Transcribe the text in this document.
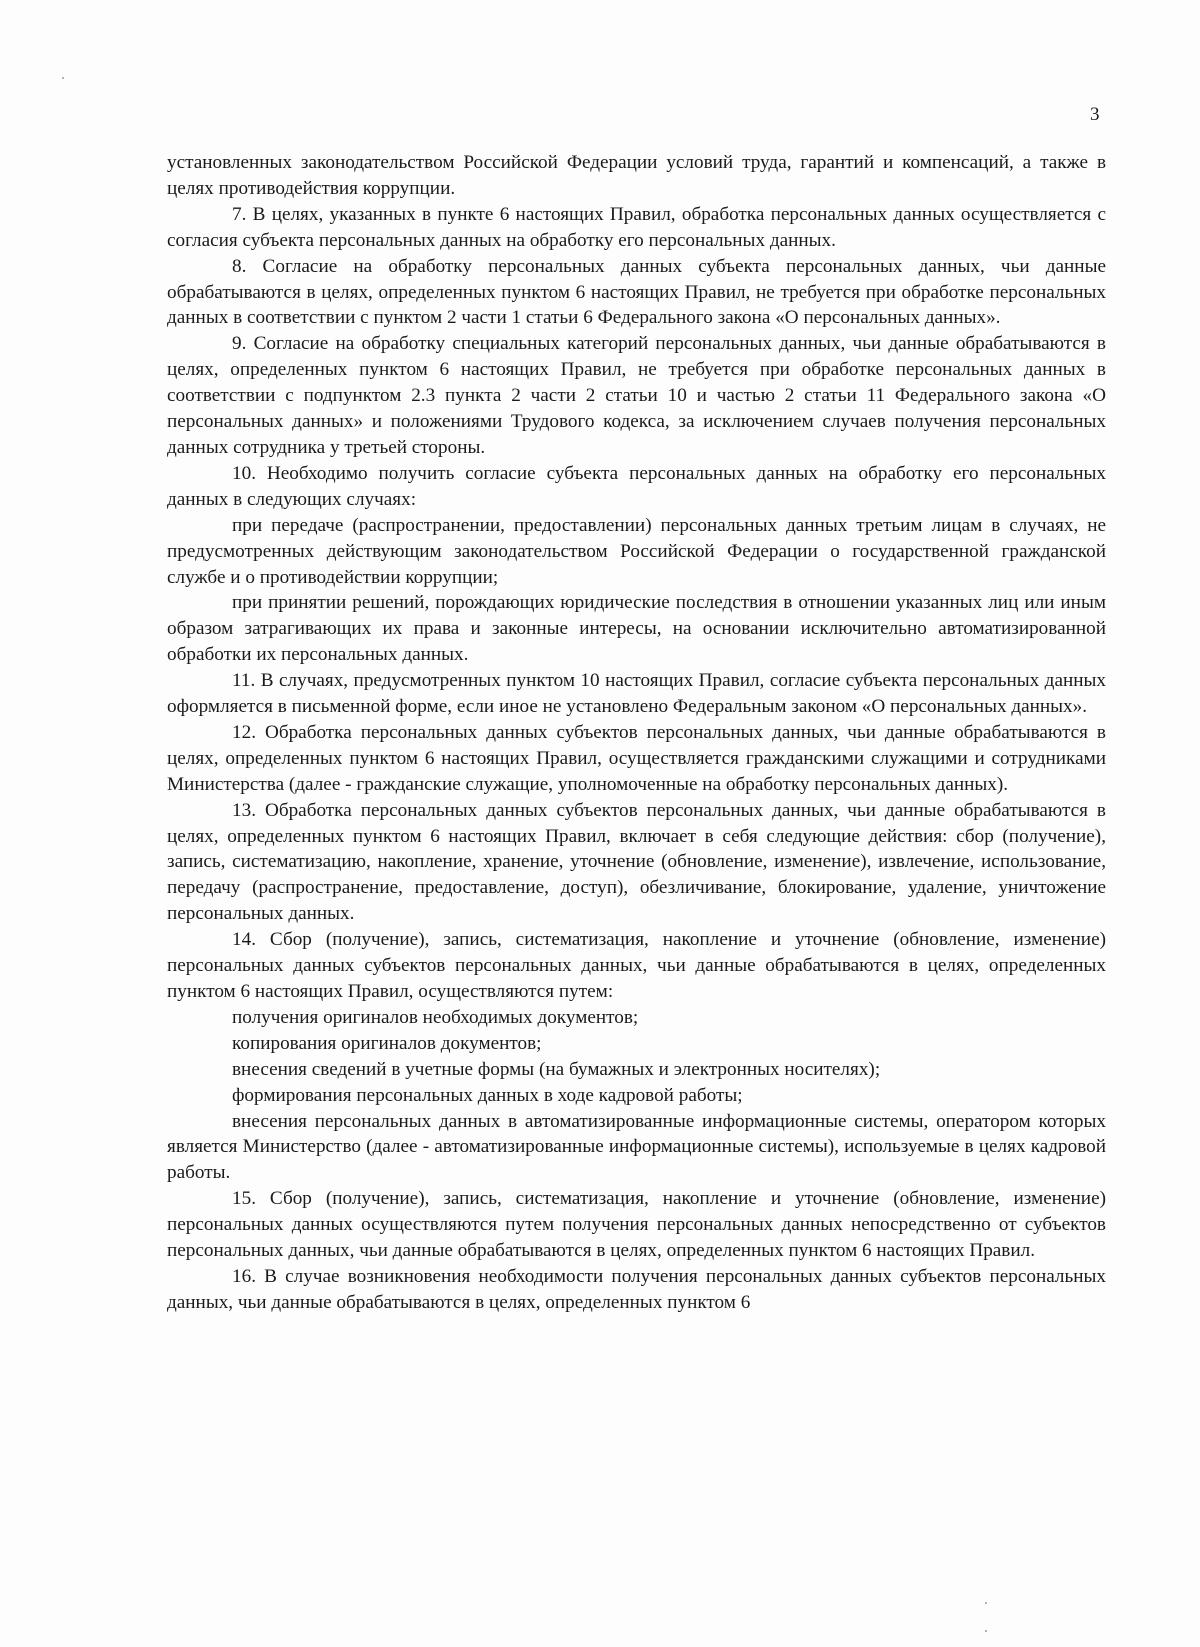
3

установленных законодательством Российской Федерации условий труда, гарантий и компенсаций, а также в целях противодействия коррупции.

7. В целях, указанных в пункте 6 настоящих Правил, обработка персональных данных осуществляется с согласия субъекта персональных данных на обработку его персональных данных.

8. Согласие на обработку персональных данных субъекта персональных данных, чьи данные обрабатываются в целях, определенных пунктом 6 настоящих Правил, не требуется при обработке персональных данных в соответствии с пунктом 2 части 1 статьи 6 Федерального закона «О персональных данных».

9. Согласие на обработку специальных категорий персональных данных, чьи данные обрабатываются в целях, определенных пунктом 6 настоящих Правил, не требуется при обработке персональных данных в соответствии с подпунктом 2.3 пункта 2 части 2 статьи 10 и частью 2 статьи 11 Федерального закона «О персональных данных» и положениями Трудового кодекса, за исключением случаев получения персональных данных сотрудника у третьей стороны.

10. Необходимо получить согласие субъекта персональных данных на обработку его персональных данных в следующих случаях:

при передаче (распространении, предоставлении) персональных данных третьим лицам в случаях, не предусмотренных действующим законодательством Российской Федерации о государственной гражданской службе и о противодействии коррупции;

при принятии решений, порождающих юридические последствия в отношении указанных лиц или иным образом затрагивающих их права и законные интересы, на основании исключительно автоматизированной обработки их персональных данных.

11. В случаях, предусмотренных пунктом 10 настоящих Правил, согласие субъекта персональных данных оформляется в письменной форме, если иное не установлено Федеральным законом «О персональных данных».

12. Обработка персональных данных субъектов персональных данных, чьи данные обрабатываются в целях, определенных пунктом 6 настоящих Правил, осуществляется гражданскими служащими и сотрудниками Министерства (далее - гражданские служащие, уполномоченные на обработку персональных данных).

13. Обработка персональных данных субъектов персональных данных, чьи данные обрабатываются в целях, определенных пунктом 6 настоящих Правил, включает в себя следующие действия: сбор (получение), запись, систематизацию, накопление, хранение, уточнение (обновление, изменение), извлечение, использование, передачу (распространение, предоставление, доступ), обезличивание, блокирование, удаление, уничтожение персональных данных.

14. Сбор (получение), запись, систематизация, накопление и уточнение (обновление, изменение) персональных данных субъектов персональных данных, чьи данные обрабатываются в целях, определенных пунктом 6 настоящих Правил, осуществляются путем:

получения оригиналов необходимых документов;

копирования оригиналов документов;

внесения сведений в учетные формы (на бумажных и электронных носителях);

формирования персональных данных в ходе кадровой работы;

внесения персональных данных в автоматизированные информационные системы, оператором которых является Министерство (далее - автоматизированные информационные системы), используемые в целях кадровой работы.

15. Сбор (получение), запись, систематизация, накопление и уточнение (обновление, изменение) персональных данных осуществляются путем получения персональных данных непосредственно от субъектов персональных данных, чьи данные обрабатываются в целях, определенных пунктом 6 настоящих Правил.

16. В случае возникновения необходимости получения персональных данных субъектов персональных данных, чьи данные обрабатываются в целях, определенных пунктом 6
